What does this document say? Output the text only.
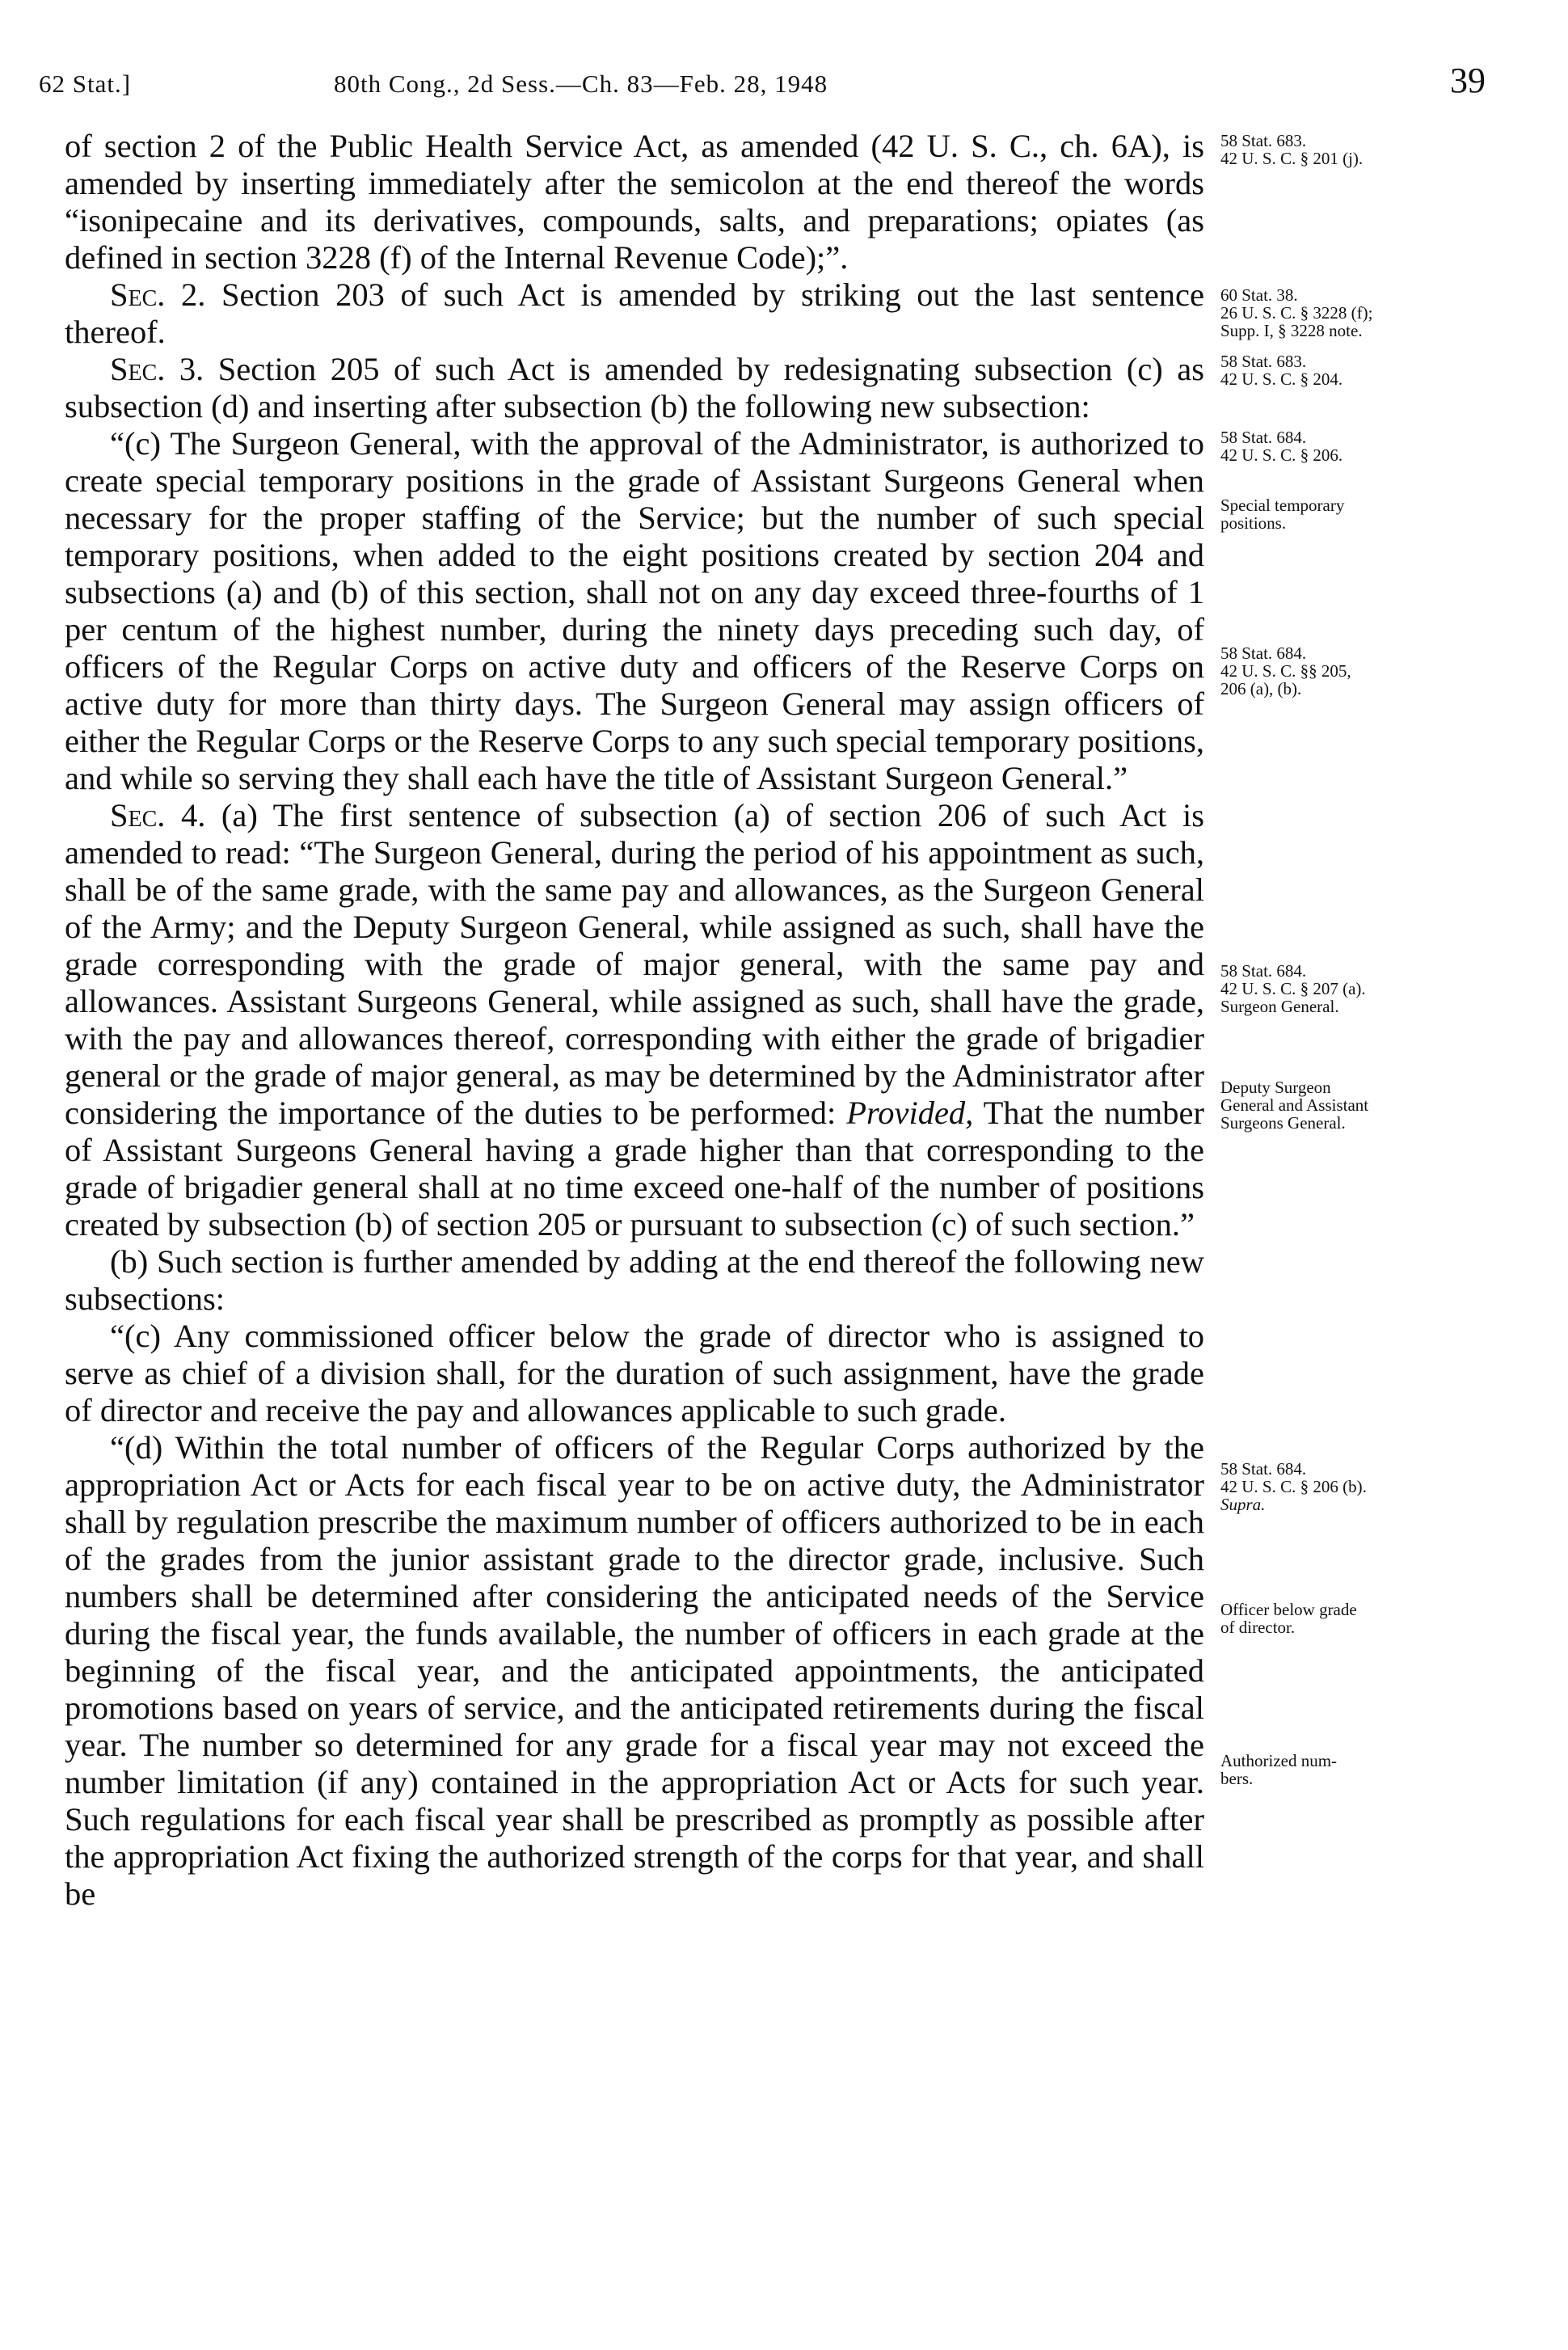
62 Stat.]	80th Cong., 2d Sess.—Ch. 83—Feb. 28, 1948	39

of section 2 of the Public Health Service Act, as amended (42 U. S. C., ch. 6A), is amended by inserting immediately after the semicolon at the end thereof the words “isonipecaine and its derivatives, compounds, salts, and preparations; opiates (as defined in section 3228 (f) of the Internal Revenue Code);”.

Sec. 2. Section 203 of such Act is amended by striking out the last sentence thereof.

Sec. 3. Section 205 of such Act is amended by redesignating subsection (c) as subsection (d) and inserting after subsection (b) the following new subsection:

“(c) The Surgeon General, with the approval of the Administrator, is authorized to create special temporary positions in the grade of Assistant Surgeons General when necessary for the proper staffing of the Service; but the number of such special temporary positions, when added to the eight positions created by section 204 and subsections (a) and (b) of this section, shall not on any day exceed three-fourths of 1 per centum of the highest number, during the ninety days preceding such day, of officers of the Regular Corps on active duty and officers of the Reserve Corps on active duty for more than thirty days. The Surgeon General may assign officers of either the Regular Corps or the Reserve Corps to any such special temporary positions, and while so serving they shall each have the title of Assistant Surgeon General.”

Sec. 4. (a) The first sentence of subsection (a) of section 206 of such Act is amended to read: “The Surgeon General, during the period of his appointment as such, shall be of the same grade, with the same pay and allowances, as the Surgeon General of the Army; and the Deputy Surgeon General, while assigned as such, shall have the grade corresponding with the grade of major general, with the same pay and allowances. Assistant Surgeons General, while assigned as such, shall have the grade, with the pay and allowances thereof, corresponding with either the grade of brigadier general or the grade of major general, as may be determined by the Administrator after considering the importance of the duties to be performed: Provided, That the number of Assistant Surgeons General having a grade higher than that corresponding to the grade of brigadier general shall at no time exceed one-half of the number of positions created by subsection (b) of section 205 or pursuant to subsection (c) of such section.”

(b) Such section is further amended by adding at the end thereof the following new subsections:

“(c) Any commissioned officer below the grade of director who is assigned to serve as chief of a division shall, for the duration of such assignment, have the grade of director and receive the pay and allowances applicable to such grade.

“(d) Within the total number of officers of the Regular Corps authorized by the appropriation Act or Acts for each fiscal year to be on active duty, the Administrator shall by regulation prescribe the maximum number of officers authorized to be in each of the grades from the junior assistant grade to the director grade, inclusive. Such numbers shall be determined after considering the anticipated needs of the Service during the fiscal year, the funds available, the number of officers in each grade at the beginning of the fiscal year, and the anticipated appointments, the anticipated promotions based on years of service, and the anticipated retirements during the fiscal year. The number so determined for any grade for a fiscal year may not exceed the number limitation (if any) contained in the appropriation Act or Acts for such year. Such regulations for each fiscal year shall be prescribed as promptly as possible after the appropriation Act fixing the authorized strength of the corps for that year, and shall be

58 Stat. 683.
42 U. S. C. § 201 (j).
60 Stat. 38.
26 U. S. C. § 3228 (f);
Supp. I, § 3228 note.
58 Stat. 683.
42 U. S. C. § 204.
58 Stat. 684.
42 U. S. C. § 206.
Special temporary
positions.
58 Stat. 684.
42 U. S. C. §§ 205,
206 (a), (b).
58 Stat. 684.
42 U. S. C. § 207 (a).
Surgeon General.
Deputy Surgeon
General and Assistant
Surgeons General.
58 Stat. 684.
42 U. S. C. § 206 (b).
Supra.
Officer below grade
of director.
Authorized num-
bers.
